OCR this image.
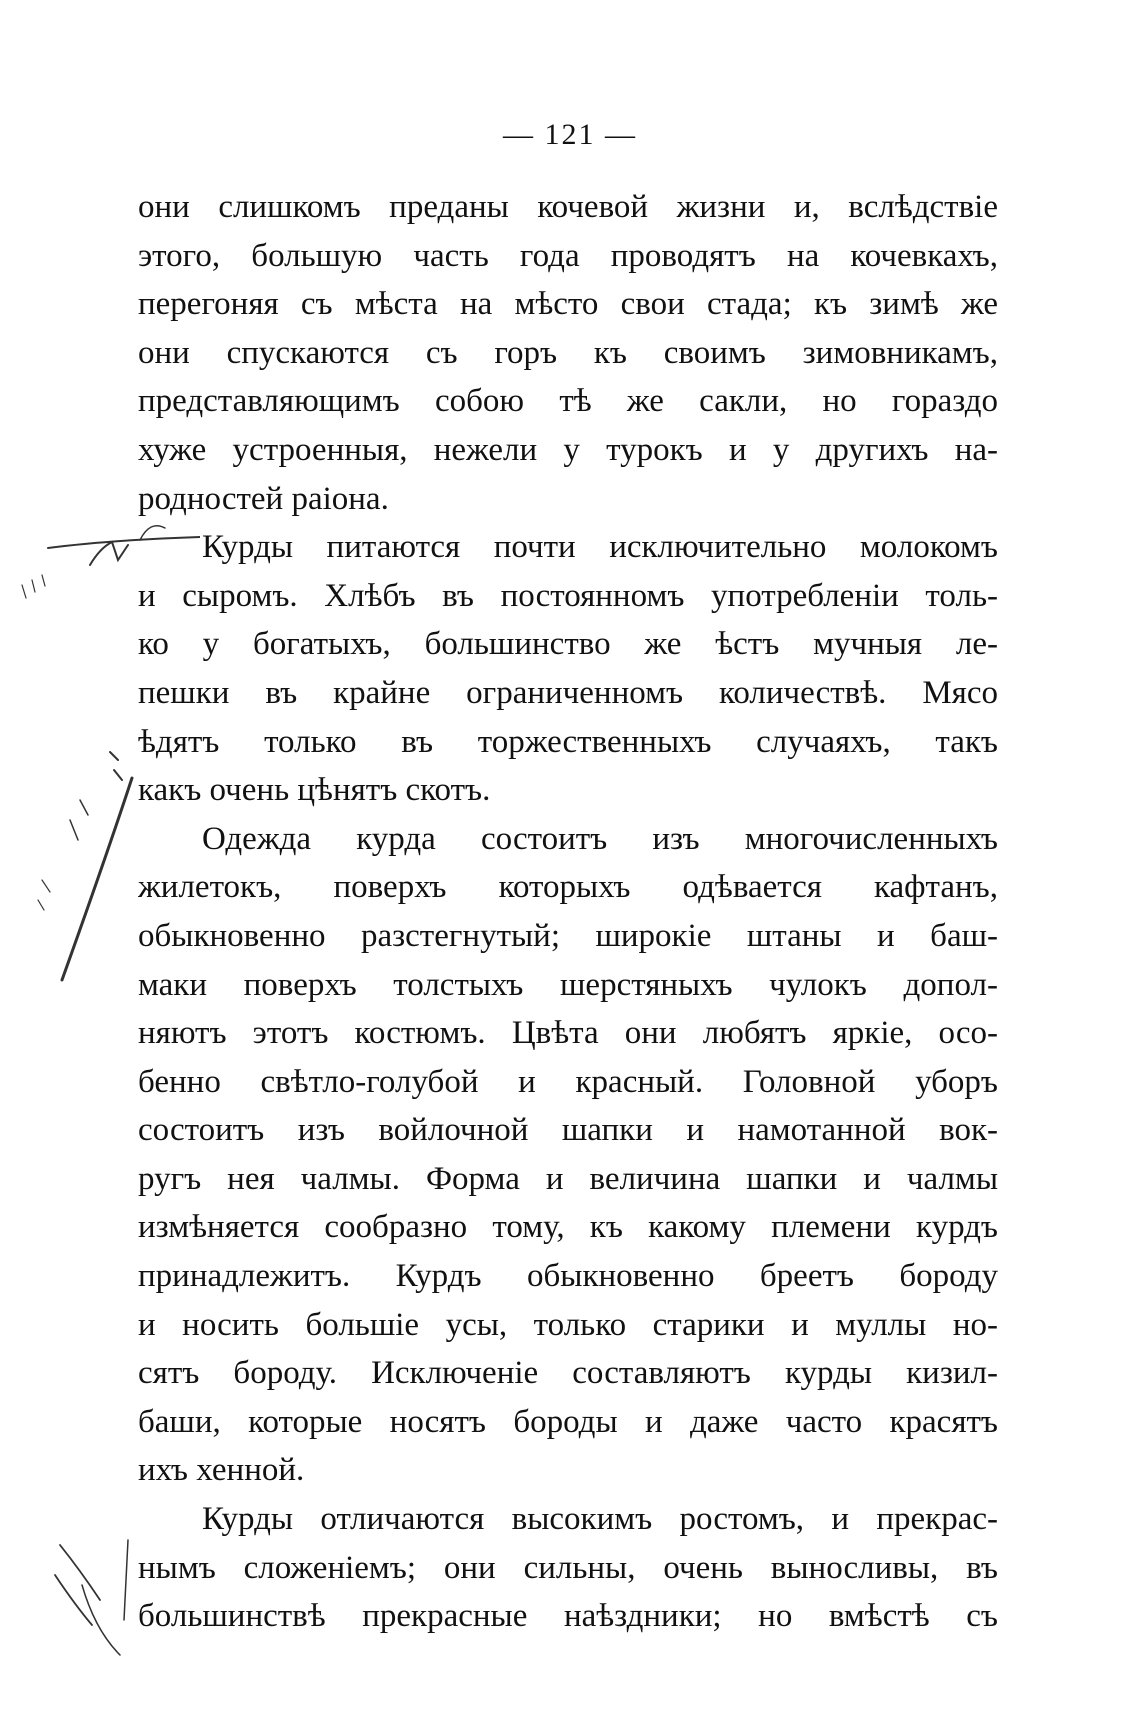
— 121 —
они слишкомъ преданы кочевой жизни и, вслѣдствіе
этого, большую часть года проводятъ на кочевкахъ,
перегоняя съ мѣста на мѣсто свои стада; къ зимѣ же
они спускаются съ горъ къ своимъ зимовникамъ,
представляющимъ собою тѣ же сакли, но гораздо
хуже устроенныя, нежели у турокъ и у другихъ на-
родностей раіона.
Курды питаются почти исключительно молокомъ
и сыромъ. Хлѣбъ въ постоянномъ употребленіи толь-
ко у богатыхъ, большинство же ѣстъ мучныя ле-
пешки въ крайне ограниченномъ количествѣ. Мясо
ѣдятъ только въ торжественныхъ случаяхъ, такъ
какъ очень цѣнятъ скотъ.
Одежда курда состоитъ изъ многочисленныхъ
жилетокъ, поверхъ которыхъ одѣвается кафтанъ,
обыкновенно разстегнутый; широкіе штаны и баш-
маки поверхъ толстыхъ шерстяныхъ чулокъ допол-
няютъ этотъ костюмъ. Цвѣта они любятъ яркіе, осо-
бенно свѣтло-голубой и красный. Головной уборъ
состоитъ изъ войлочной шапки и намотанной вок-
ругъ нея чалмы. Форма и величина шапки и чалмы
измѣняется сообразно тому, къ какому племени курдъ
принадлежитъ. Курдъ обыкновенно бреетъ бороду
и носить большіе усы, только старики и муллы но-
сятъ бороду. Исключеніе составляютъ курды кизил-
баши, которые носятъ бороды и даже часто красятъ
ихъ хенной.
Курды отличаются высокимъ ростомъ, и прекрас-
нымъ сложеніемъ; они сильны, очень выносливы, въ
большинствѣ прекрасные наѣздники; но вмѣстѣ съ
